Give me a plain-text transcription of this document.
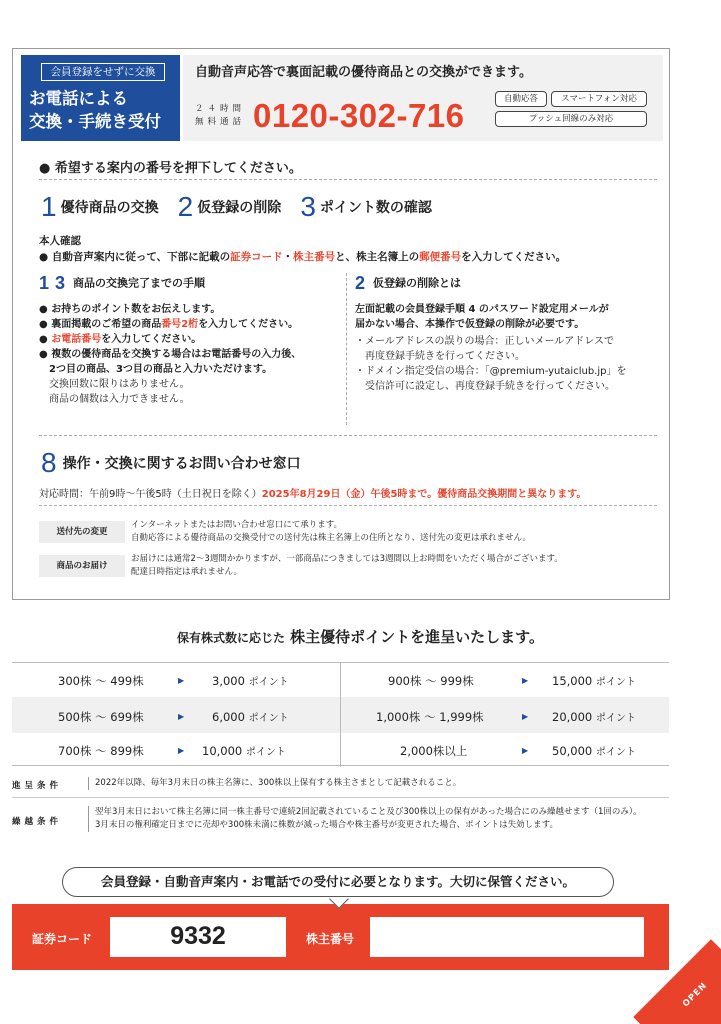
会員登録をせずに交換
お電話による
交換・手続き受付
自動音声応答で裏面記載の優待商品との交換ができます。
２４時間
無料通話 0120-302-716	自動応答	スマートフォン対応
プッシュ回線のみ対応
● 希望する案内の番号を押下してください。
1 優待商品の交換 2 仮登録の削除 3 ポイント数の確認
本人確認
● 自動音声案内に従って、下部に記載の証券コード・株主番号と、株主名簿上の郵便番号を入力してください。
1 3 商品の交換完了までの手順
● お持ちのポイント数をお伝えします。
● 裏面掲載のご希望の商品番号2桁を入力してください。
● お電話番号を入力してください。
● 複数の優待商品を交換する場合はお電話番号の入力後、
2つ目の商品、3つ目の商品と入力いただけます。
交換回数に限りはありません。
商品の個数は入力できません。
2 仮登録の削除とは
左面記載の会員登録手順 4 のパスワード設定用メールが
届かない場合、本操作で仮登録の削除が必要です。
・メールアドレスの誤りの場合：正しいメールアドレスで
　再度登録手続きを行ってください。
・ドメイン指定受信の場合：「@premium-yutaiclub.jp」を
　受信許可に設定し、再度登録手続きを行ってください。
8 操作・交換に関するお問い合わせ窓口
対応時間：午前9時〜午後5時（土日祝日を除く）2025年8月29日（金）午後5時まで。優待商品交換期間と異なります。
送付先の変更
インターネットまたはお問い合わせ窓口にて承ります。
自動応答による優待商品の交換受付での送付先は株主名簿上の住所となり、送付先の変更は承れません。
商品のお届け
お届けには通常2〜3週間かかりますが、一部商品につきましては3週間以上お時間をいただく場合がございます。
配達日時指定は承れません。
保有株式数に応じた 株主優待ポイントを進呈いたします。
300株 〜 499株	▶ 3,000 ポイント
500株 〜 699株	▶ 6,000 ポイント
700株 〜 899株	▶ 10,000 ポイント
900株 〜 999株	▶ 15,000 ポイント
1,000株 〜 1,999株	▶ 20,000 ポイント
2,000株以上	▶ 50,000 ポイント
進呈条件	2022年以降、毎年3月末日の株主名簿に、300株以上保有する株主さまとして記載されること。
繰越条件
翌年3月末日において株主名簿に同一株主番号で連続2回記載されていること及び300株以上の保有があった場合にのみ繰越せます（1回のみ）。
3月末日の権利確定日までに売却や300株未満に株数が減った場合や株主番号が変更された場合、ポイントは失効します。
会員登録・自動音声案内・お電話での受付に必要となります。大切に保管ください。
証券コード	9332	株主番号
OPEN
